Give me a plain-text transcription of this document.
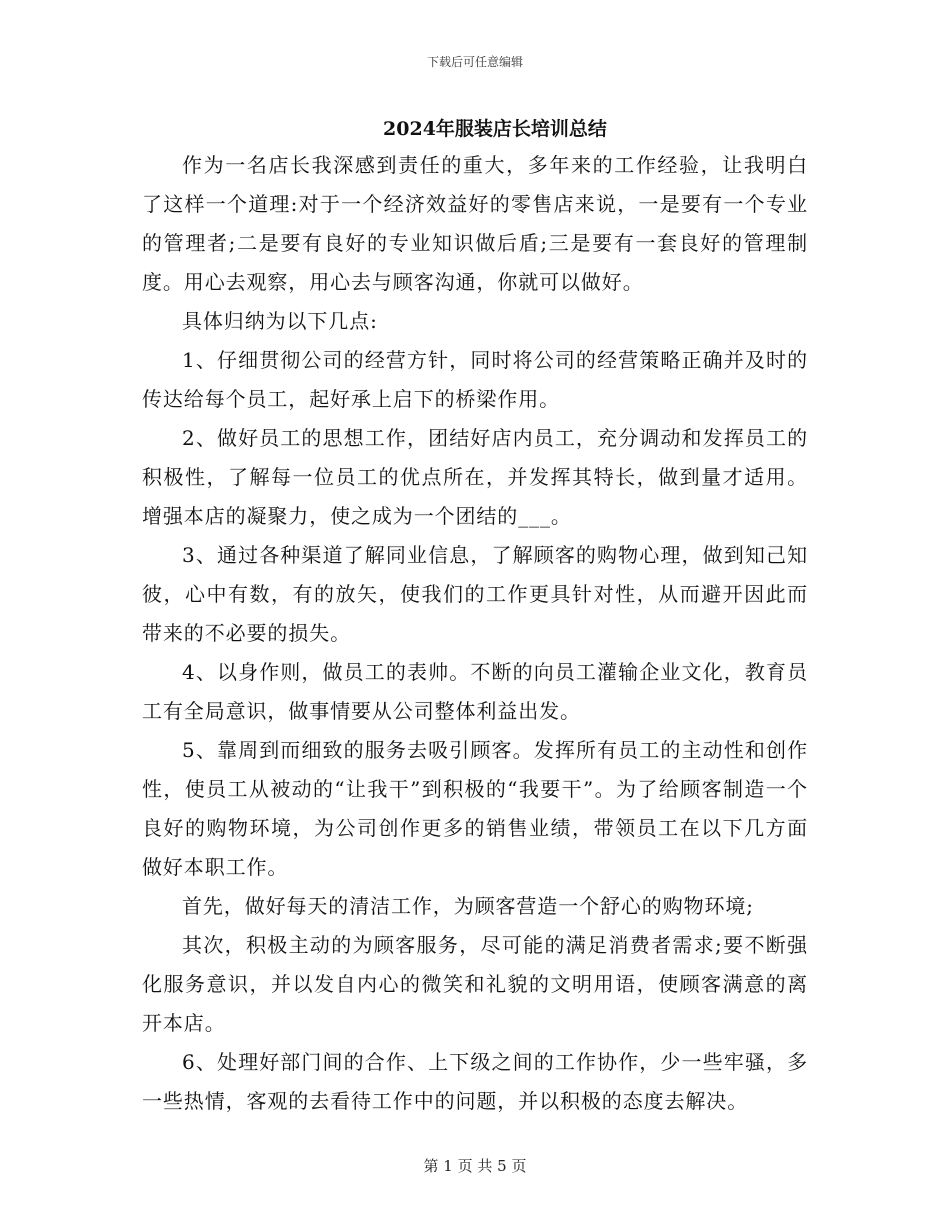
下载后可任意编辑
2024年服装店长培训总结

作为一名店长我深感到责任的重大，多年来的工作经验，让我明白了这样一个道理:对于一个经济效益好的零售店来说，一是要有一个专业的管理者;二是要有良好的专业知识做后盾;三是要有一套良好的管理制度。用心去观察，用心去与顾客沟通，你就可以做好。

具体归纳为以下几点:

1、仔细贯彻公司的经营方针，同时将公司的经营策略正确并及时的传达给每个员工，起好承上启下的桥梁作用。

2、做好员工的思想工作，团结好店内员工，充分调动和发挥员工的积极性，了解每一位员工的优点所在，并发挥其特长，做到量才适用。增强本店的凝聚力，使之成为一个团结的___。

3、通过各种渠道了解同业信息，了解顾客的购物心理，做到知己知彼，心中有数，有的放矢，使我们的工作更具针对性，从而避开因此而带来的不必要的损失。

4、以身作则，做员工的表帅。不断的向员工灌输企业文化，教育员工有全局意识，做事情要从公司整体利益出发。

5、靠周到而细致的服务去吸引顾客。发挥所有员工的主动性和创作性，使员工从被动的“让我干”到积极的“我要干”。为了给顾客制造一个良好的购物环境，为公司创作更多的销售业绩，带领员工在以下几方面做好本职工作。

首先，做好每天的清洁工作，为顾客营造一个舒心的购物环境;

其次，积极主动的为顾客服务，尽可能的满足消费者需求;要不断强化服务意识，并以发自内心的微笑和礼貌的文明用语，使顾客满意的离开本店。

6、处理好部门间的合作、上下级之间的工作协作，少一些牢骚，多一些热情，客观的去看待工作中的问题，并以积极的态度去解决。

第 1 页 共 5 页
